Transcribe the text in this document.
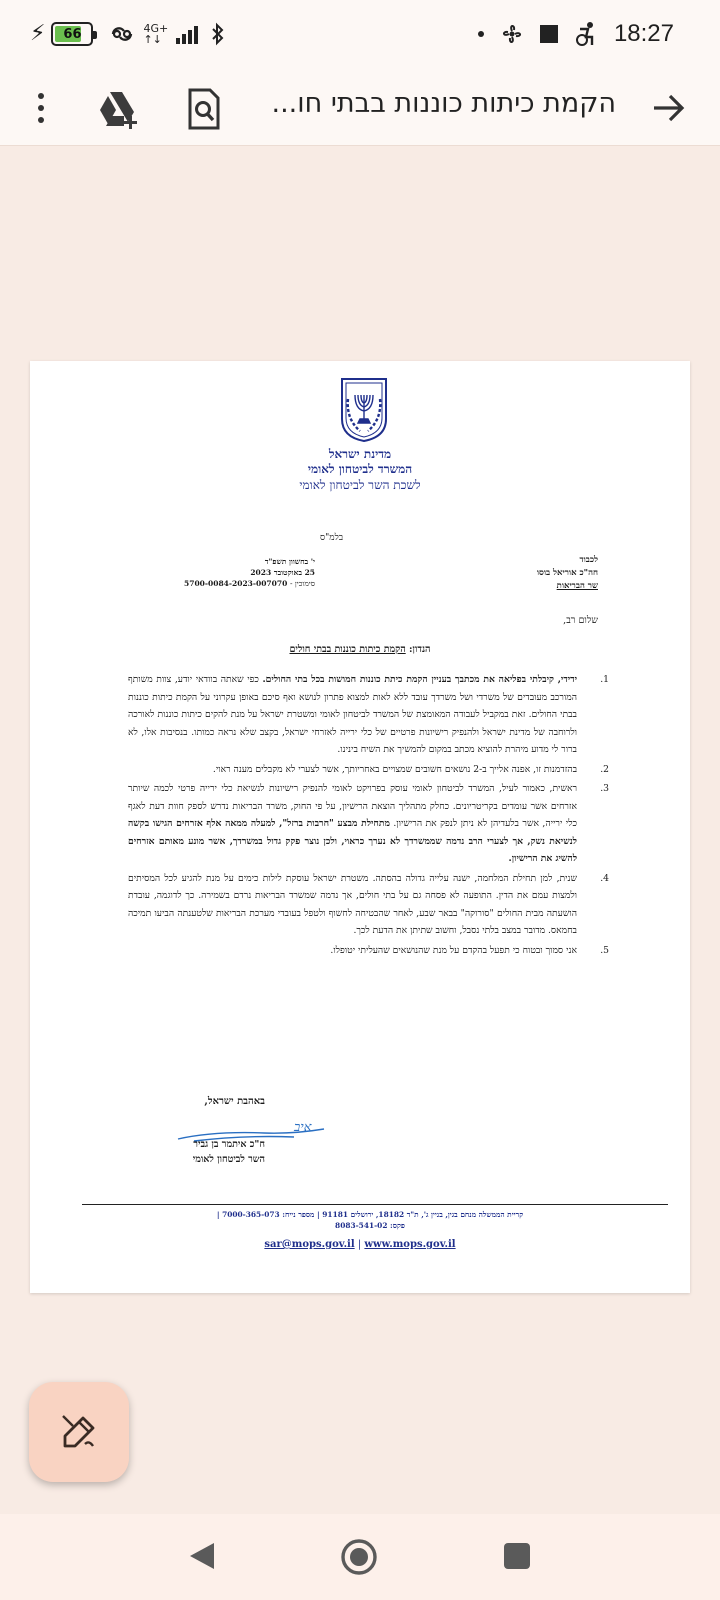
⚡ 66	4G+
↑↓	18:27
הקמת כיתות כוננות בבתי חו...
מדינת ישראל
המשרד לביטחון לאומי
לשכת השר לביטחון לאומי
בלמ"ס
לכבוד
חה"כ אוריאל בוסו
שר הבריאות
י' בחשוון תשפ"ד
25 באוקטובר 2023
סימוכין - 5700-0084-2023-007070
שלום רב,
הנדון: הקמת כיתות כוננות בבתי חולים
1.
ידידי, קיבלתי בפליאה את מכתבך בעניין הקמת כיתת כוננות חמושות בכל בתי החולים. כפי שאתה בוודאי יודע, צוות משותף המורכב מעובדים של משרדי ושל משרדך עובד ללא לאות למצוא פתרון לנושא ואף סיכם באופן עקרוני על הקמת כיתות כוננות בבתי החולים. זאת במקביל לעבודה המאומצת של המשרד לביטחון לאומי ומשטרת ישראל על מנת להקים כיתות כוננות לאורכה ולרוחבה של מדינת ישראל ולהנפיק רישיונות פרטיים של כלי ירייה לאזרחי ישראל, בקצב שלא נראה כמותו. בנסיבות אלו, לא ברור לי מדוע מיהרת להוציא מכתב במקום להמשיך את השיח בינינו.
2.
בהזדמנות זו, אפנה אלייך ב-2 נושאים חשובים שמצויים באחריותך, אשר לצערי לא מקבלים מענה ראוי.
3.
ראשית, כאמור לעיל, המשרד לביטחון לאומי עוסק בפרויקט לאומי להנפיק רישיונות לנשיאת כלי ירייה פרטי לכמה שיותר אזרחים אשר עומדים בקריטריונים. כחלק מתהליך הוצאת הרישיון, על פי החוק, משרד הבריאות נדרש לספק חוות דעת לאגף כלי ירייה, אשר בלעדיהן לא ניתן לנפק את הרישיון. מתחילת מבצע "חרבות ברזל", למעלה ממאה אלף אזרחים הגישו בקשה לנשיאת נשק, אך לצערי הרב נדמה שממשרדך לא נערך כראוי, ולכן נוצר פקק גדול במשרדך, אשר מונע מאותם אזרחים להשיג את הרישיון.
4.
שנית, למן תחילת המלחמה, ישנה עלייה גדולה בהסתה. משטרת ישראל עוסקת לילות כימים על מנת להגיע לכל המסיתים ולמצות עמם את הדין. התופעה לא פסחה גם על בתי חולים, אך נדמה שמשרד הבריאות נרדם בשמירה. כך לדוגמה, עובדת הושעתה מבית החולים "סורוקה" בבאר שבע, לאחר שהבטיחה לחשוף ולטפל בעובדי מערכת הבריאות שלטענתה הביעו תמיכה בחמאס. מדובר במצב בלתי נסבל, וחשוב שתיתן את הדעת לכך.
5.
אני סמוך ובטוח כי תפעל בהקדם על מנת שהנושאים שהעליתי יטופלו.
באהבת ישראל,
איב
ח"כ איתמר בן גביר
השר לביטחון לאומי
קריית הממשלה מנחם בגין, בניין ג', ת"ד 18182, ירושלים 91181 | מספר נייח: 7000-365-073 |
פקס: 8083-541-02
sar@mops.gov.il | www.mops.gov.il
